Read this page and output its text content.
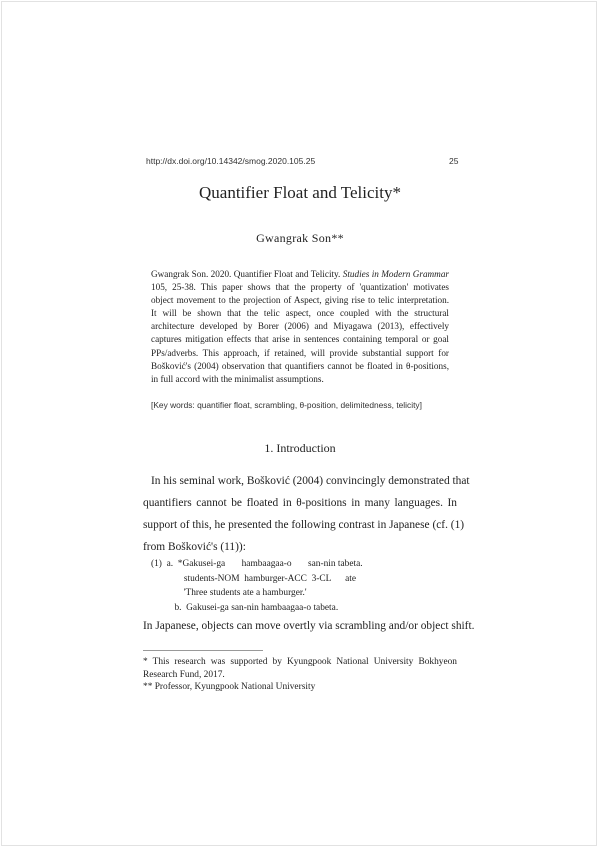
http://dx.doi.org/10.14342/smog.2020.105.25	25
Quantifier Float and Telicity*
Gwangrak Son**
Gwangrak Son. 2020. Quantifier Float and Telicity. Studies in Modern Grammar
105, 25-38. This paper shows that the property of 'quantization' motivates
object movement to the projection of Aspect, giving rise to telic interpretation.
It will be shown that the telic aspect, once coupled with the structural
architecture developed by Borer (2006) and Miyagawa (2013), effectively
captures mitigation effects that arise in sentences containing temporal or goal
PPs/adverbs. This approach, if retained, will provide substantial support for
Bošković's (2004) observation that quantifiers cannot be floated in θ-positions,
in full accord with the minimalist assumptions.
[Key words: quantifier float, scrambling, θ-position, delimitedness, telicity]
1. Introduction
In his seminal work, Bošković (2004) convincingly demonstrated that
quantifiers cannot be floated in θ-positions in many languages. In
support of this, he presented the following contrast in Japanese (cf. (1)
from Bošković's (11)):
(1)  a.  *Gakusei-ga       hambaagaa-o       san-nin tabeta.
students-NOM  hamburger-ACC  3-CL      ate
'Three students ate a hamburger.'
b.  Gakusei-ga san-nin hambaagaa-o tabeta.
In Japanese, objects can move overtly via scrambling and/or object shift.
* This research was supported by Kyungpook National University Bokhyeon
Research Fund, 2017.
** Professor, Kyungpook National University
